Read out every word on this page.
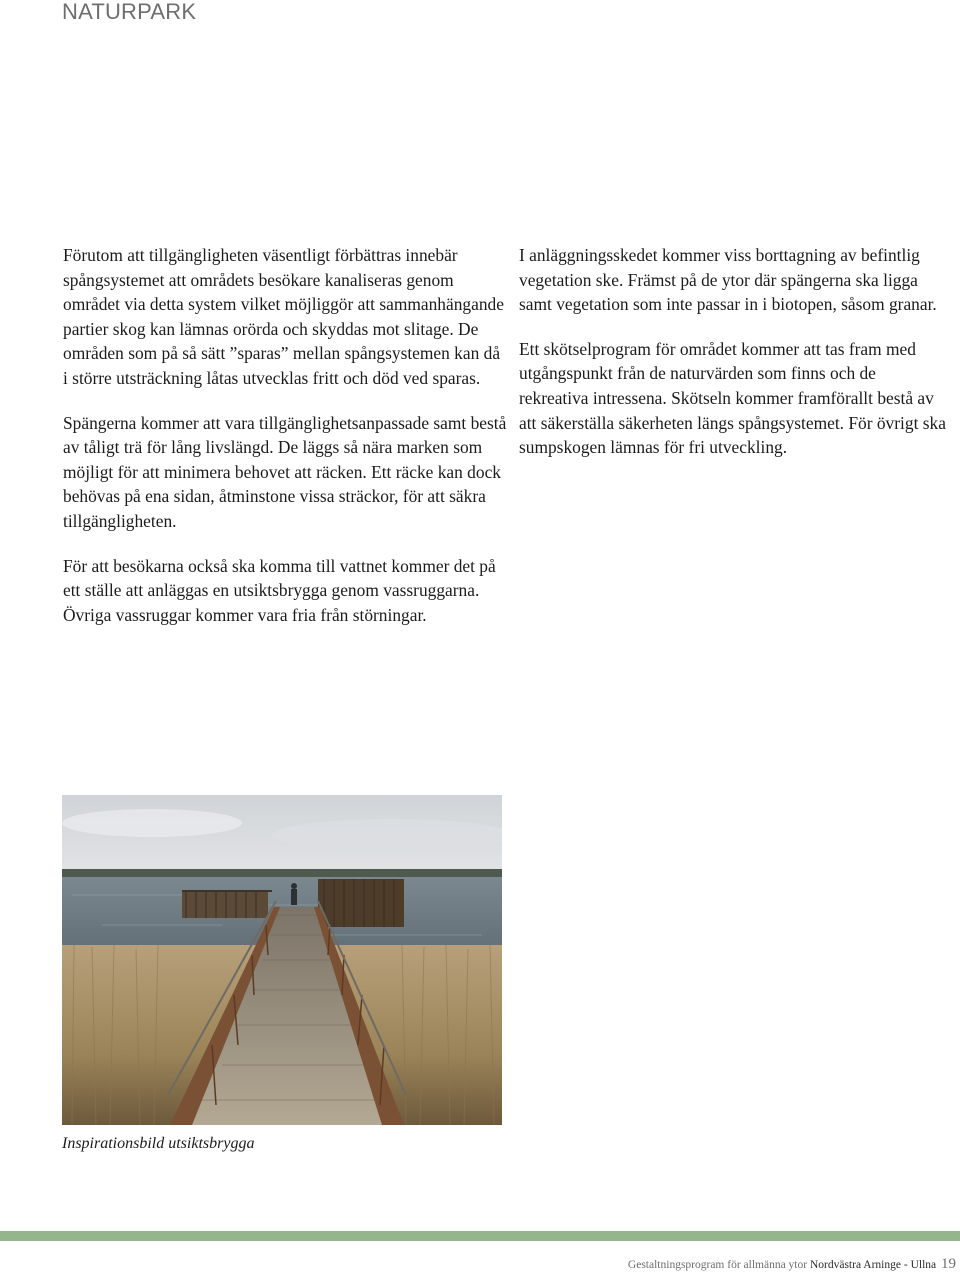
NATURPARK

Förutom att tillgängligheten väsentligt förbättras innebär spångsystemet att områdets besökare kanaliseras genom området via detta system vilket möjliggör att sammanhängande partier skog kan lämnas orörda och skyddas mot slitage. De områden som på så sätt ”sparas” mellan spångsystemen kan då i större utsträckning låtas utvecklas fritt och död ved sparas.

Spängerna kommer att vara tillgänglighetsanpassade samt bestå av tåligt trä för lång livslängd. De läggs så nära marken som möjligt för att minimera behovet att räcken. Ett räcke kan dock behövas på ena sidan, åtminstone vissa sträckor, för att säkra tillgängligheten.

För att besökarna också ska komma till vattnet kommer det på ett ställe att anläggas en utsiktsbrygga genom vassruggarna. Övriga vassruggar kommer vara fria från störningar.

I anläggningsskedet kommer viss borttagning av befintlig vegetation ske. Främst på de ytor där spängerna ska ligga samt vegetation som inte passar in i biotopen, såsom granar.

Ett skötselprogram för området kommer att tas fram med utgångspunkt från de naturvärden som finns och de rekreativa intressena. Skötseln kommer framförallt bestå av att säkerställa säkerheten längs spångsystemet. För övrigt ska sumpskogen lämnas för fri utveckling.

Inspirationsbild utsiktsbrygga
Gestaltningsprogram för allmänna ytor Nordvästra Arninge - Ullna 19
